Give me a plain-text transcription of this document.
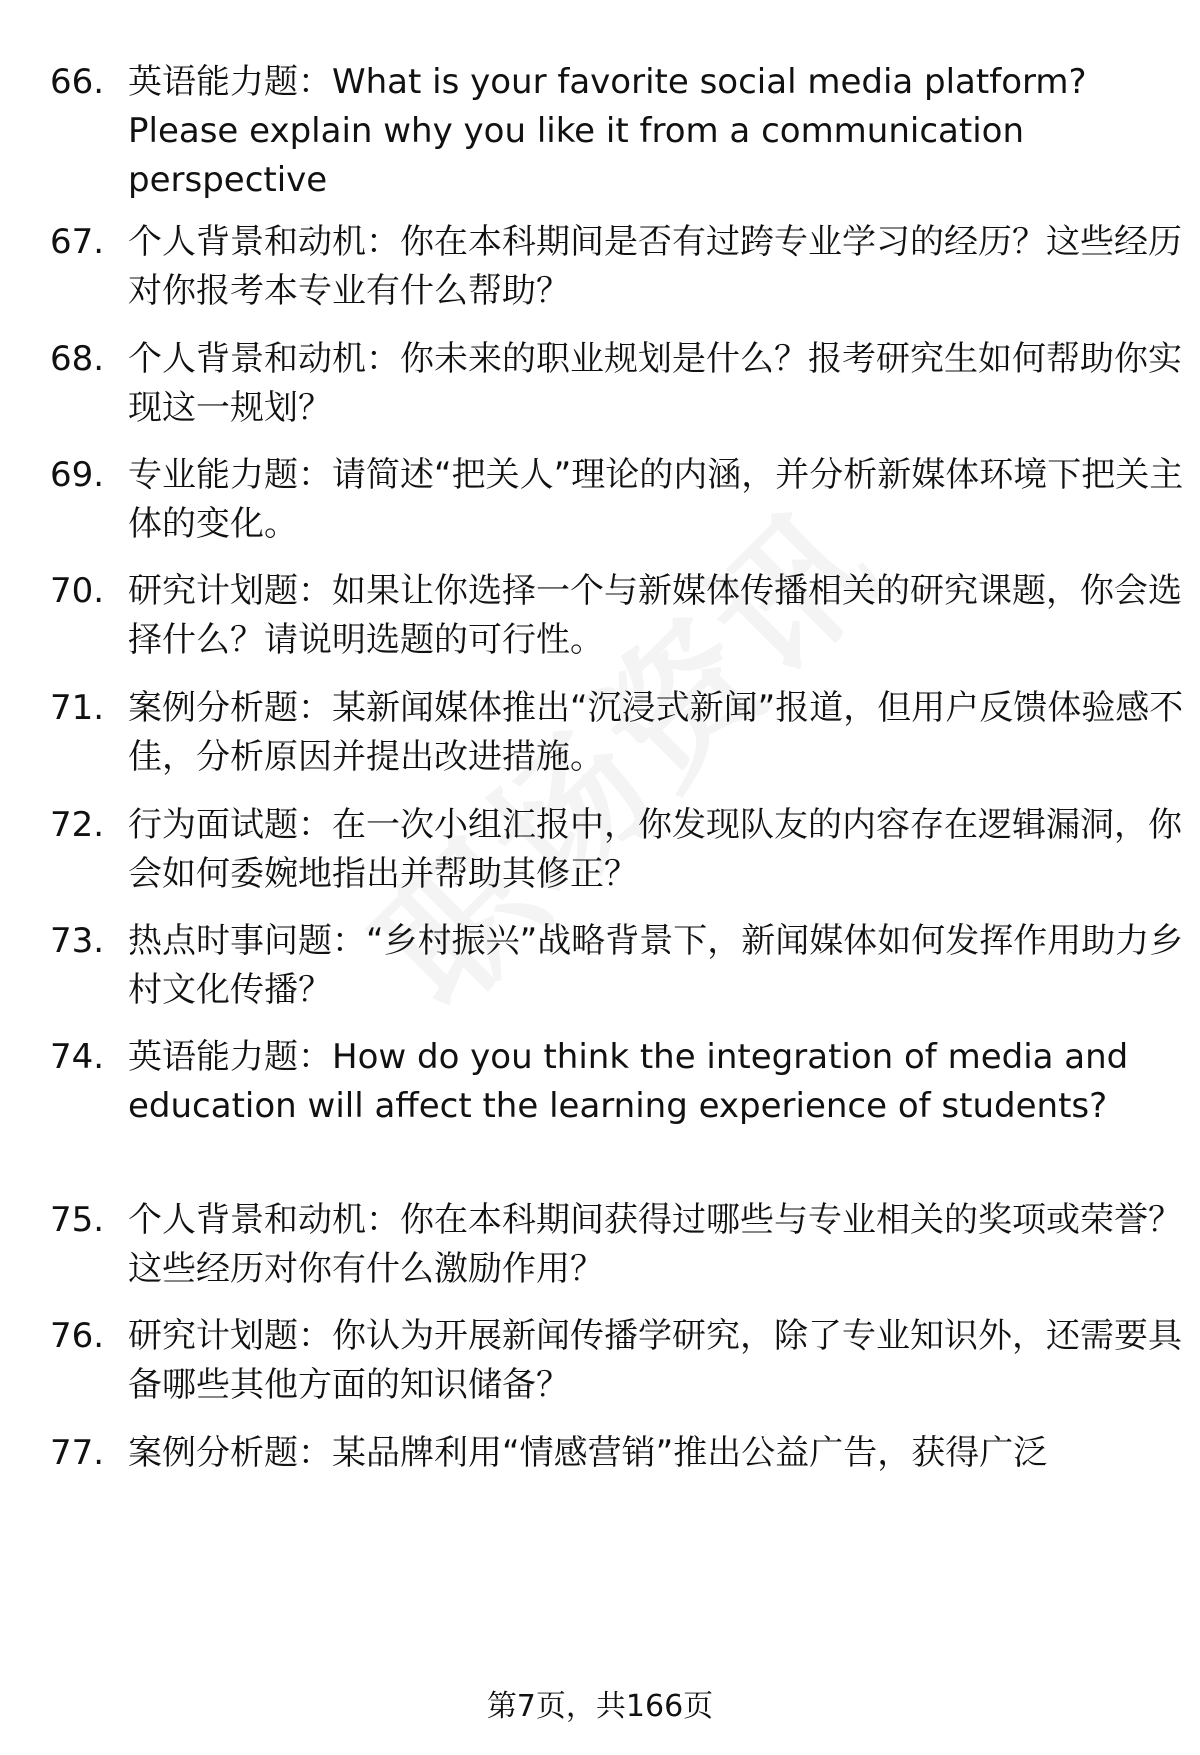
66. 英语能力题：What is your favorite social media platform? Please explain why you like it from a communication perspective
67. 个人背景和动机：你在本科期间是否有过跨专业学习的经历？这些经历对你报考本专业有什么帮助？
68. 个人背景和动机：你未来的职业规划是什么？报考研究生如何帮助你实现这一规划？
69. 专业能力题：请简述“把关人”理论的内涵，并分析新媒体环境下把关主体的变化。
70. 研究计划题：如果让你选择一个与新媒体传播相关的研究课题，你会选择什么？请说明选题的可行性。
71. 案例分析题：某新闻媒体推出“沉浸式新闻”报道，但用户反馈体验感不佳，分析原因并提出改进措施。
72. 行为面试题：在一次小组汇报中，你发现队友的内容存在逻辑漏洞，你会如何委婉地指出并帮助其修正？
73. 热点时事问题：“乡村振兴”战略背景下，新闻媒体如何发挥作用助力乡村文化传播？
74. 英语能力题：How do you think the integration of media and education will affect the learning experience of students?
75. 个人背景和动机：你在本科期间获得过哪些与专业相关的奖项或荣誉？这些经历对你有什么激励作用？
76. 研究计划题：你认为开展新闻传播学研究，除了专业知识外，还需要具备哪些其他方面的知识储备？
77. 案例分析题：某品牌利用“情感营销”推出公益广告，获得广泛
第7页，共166页
